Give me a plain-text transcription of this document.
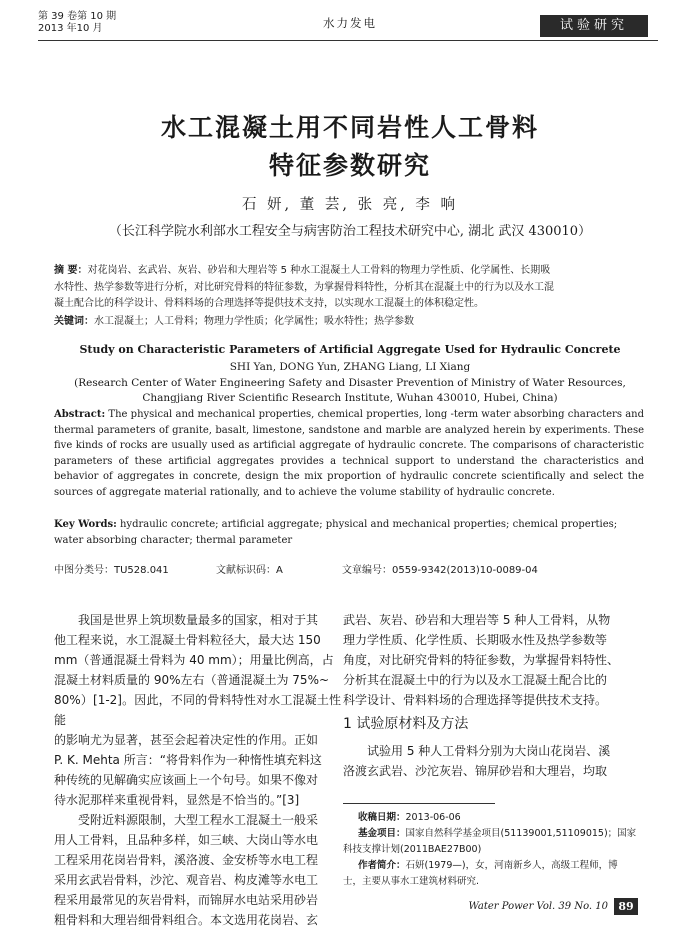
第 39 卷第 10 期
2013 年10 月	水力发电	试验研究
水工混凝土用不同岩性人工骨料
特征参数研究
石 妍, 董 芸, 张 亮, 李 响
（长江科学院水利部水工程安全与病害防治工程技术研究中心, 湖北 武汉 430010）
摘 要：对花岗岩、玄武岩、灰岩、砂岩和大理岩等 5 种水工混凝土人工骨料的物理力学性质、化学属性、长期吸
水特性、热学参数等进行分析，对比研究骨料的特征参数，为掌握骨料特性，分析其在混凝土中的行为以及水工混
凝土配合比的科学设计、骨料料场的合理选择等提供技术支持，以实现水工混凝土的体积稳定性。
关键词：水工混凝土；人工骨料；物理力学性质；化学属性；吸水特性；热学参数
Study on Characteristic Parameters of Artificial Aggregate Used for Hydraulic Concrete
SHI Yan, DONG Yun, ZHANG Liang, LI Xiang
(Research Center of Water Engineering Safety and Disaster Prevention of Ministry of Water Resources,
Changjiang River Scientific Research Institute, Wuhan 430010, Hubei, China)
Abstract: The physical and mechanical properties, chemical properties, long -term water absorbing characters and thermal parameters of granite, basalt, limestone, sandstone and marble are analyzed herein by experiments. These five kinds of rocks are usually used as artificial aggregate of hydraulic concrete. The comparisons of characteristic parameters of these artificial aggregates provides a technical support to understand the characteristics and behavior of aggregates in concrete, design the mix proportion of hydraulic concrete scientifically and select the sources of aggregate material rationally, and to achieve the volume stability of hydraulic concrete.
Key Words: hydraulic concrete; artificial aggregate; physical and mechanical properties; chemical properties; water absorbing character; thermal parameter
中图分类号：TU528.041	文献标识码：A	文章编号：0559-9342(2013)10-0089-04
我国是世界上筑坝数量最多的国家，相对于其
他工程来说，水工混凝土骨料粒径大，最大达 150
mm（普通混凝土骨料为 40 mm）；用量比例高，占
混凝土材料质量的 90%左右（普通混凝土为 75%~
80%）[1-2]。因此，不同的骨料特性对水工混凝土性能
的影响尤为显著，甚至会起着决定性的作用。正如
P. K. Mehta 所言：“将骨料作为一种惰性填充料这
种传统的见解确实应该画上一个句号。如果不像对
待水泥那样来重视骨料，显然是不恰当的。”[3]
受附近料源限制，大型工程水工混凝土一般采
用人工骨料，且品种多样，如三峡、大岗山等水电
工程采用花岗岩骨料，溪洛渡、金安桥等水电工程
采用玄武岩骨料，沙沱、观音岩、构皮滩等水电工
程采用最常见的灰岩骨料，而锦屏水电站采用砂岩
粗骨料和大理岩细骨料组合。本文选用花岗岩、玄
武岩、灰岩、砂岩和大理岩等 5 种人工骨料，从物
理力学性质、化学性质、长期吸水性及热学参数等
角度，对比研究骨料的特征参数，为掌握骨料特性、
分析其在混凝土中的行为以及水工混凝土配合比的
科学设计、骨料料场的合理选择等提供技术支持。
1 试验原材料及方法
试验用 5 种人工骨料分别为大岗山花岗岩、溪
洛渡玄武岩、沙沱灰岩、锦屏砂岩和大理岩，均取
收稿日期：2013-06-06
基金项目：国家自然科学基金项目(51139001,51109015)；国家
科技支撑计划(2011BAE27B00)
作者简介：石妍(1979—)，女，河南新乡人，高级工程师，博
士，主要从事水工建筑材料研究.
Water Power Vol. 39 No. 10 89
